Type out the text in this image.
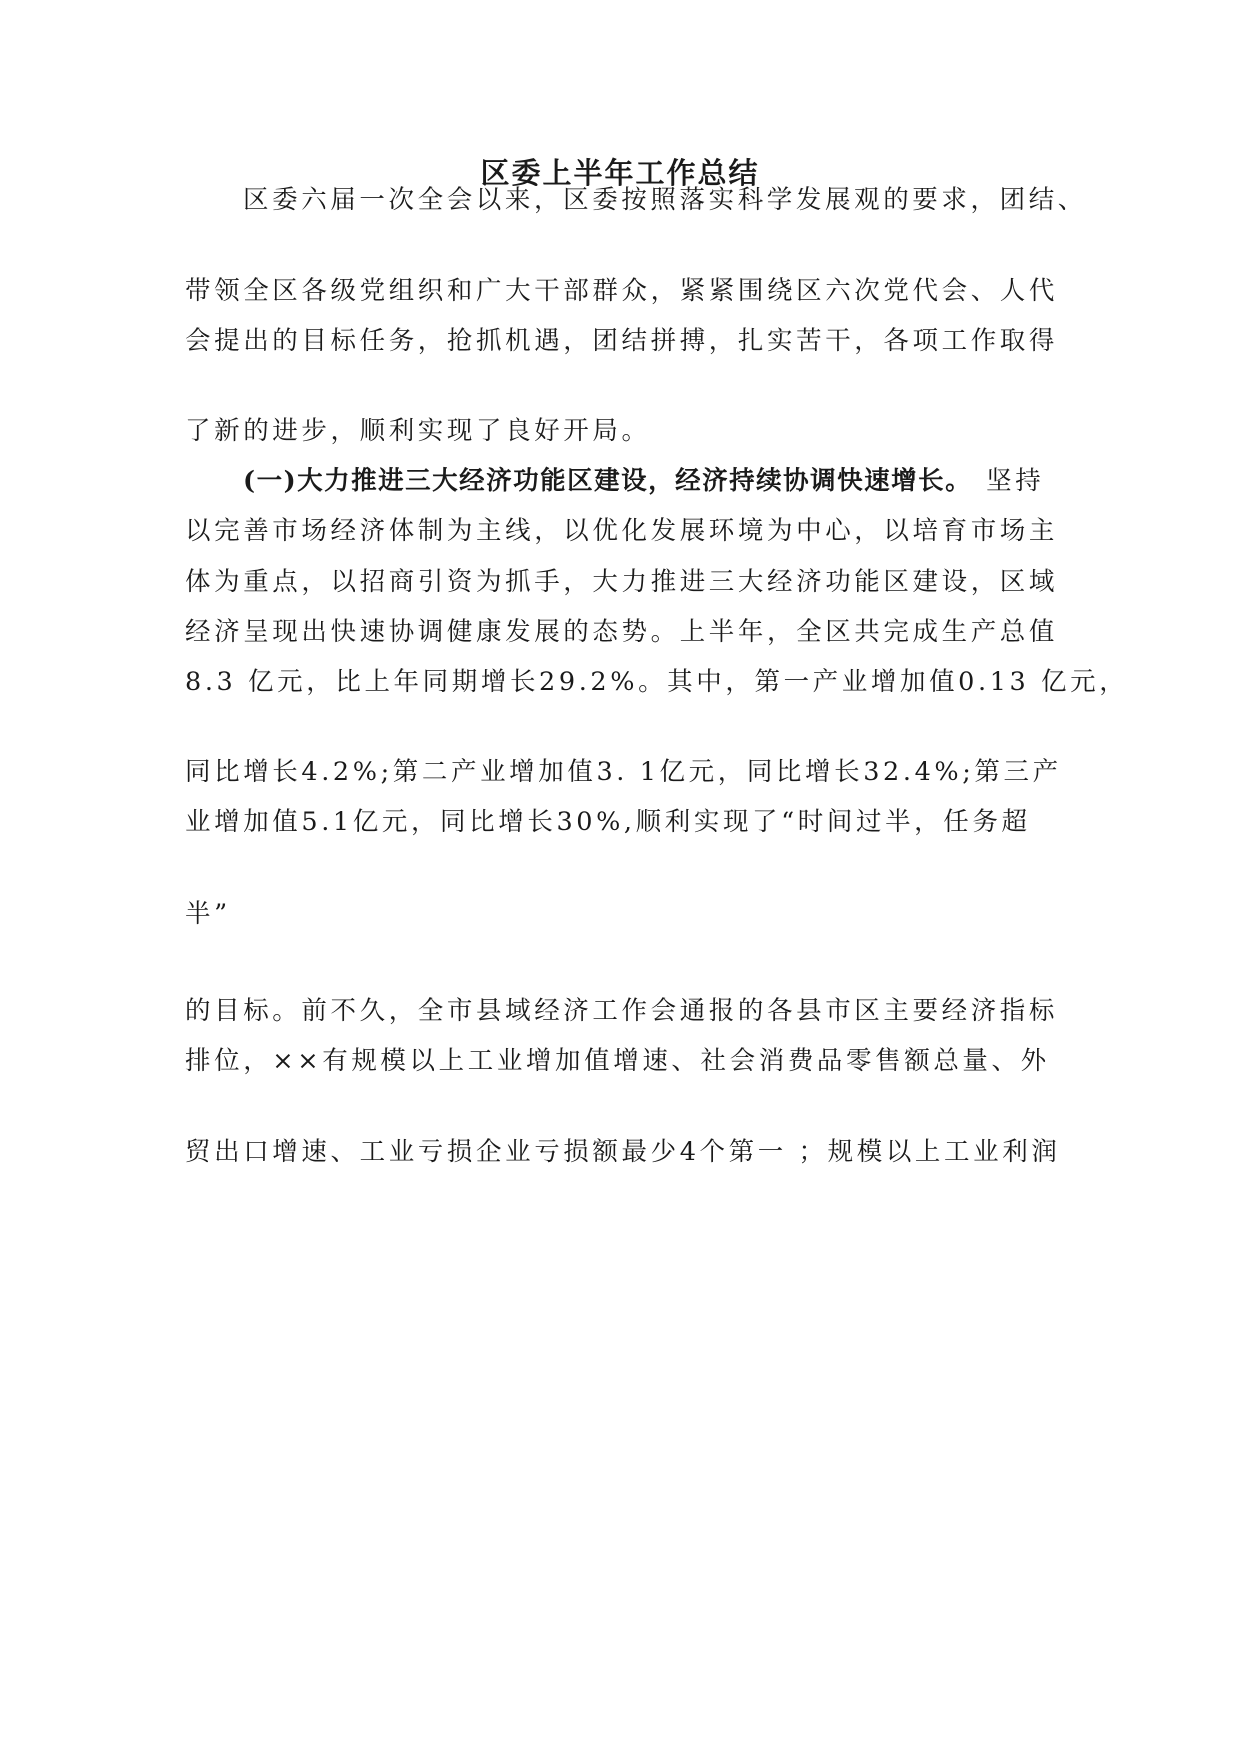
区委上半年工作总结
区委六届一次全会以来，区委按照落实科学发展观的要求，团结、
带领全区各级党组织和广大干部群众，紧紧围绕区六次党代会、人代
会提出的目标任务，抢抓机遇，团结拼搏，扎实苦干，各项工作取得
了新的进步，顺利实现了良好开局。
(一)大力推进三大经济功能区建设，经济持续协调快速增长。 坚持
以完善市场经济体制为主线，以优化发展环境为中心，以培育市场主
体为重点，以招商引资为抓手，大力推进三大经济功能区建设，区域
经济呈现出快速协调健康发展的态势。上半年，全区共完成生产总值
8.3 亿元，比上年同期增长29.2%。其中，第一产业增加值0.13 亿元，
同比增长4.2%;第二产业增加值3. 1亿元，同比增长32.4%;第三产
业增加值5.1亿元，同比增长30%,顺利实现了“时间过半，任务超
半”
的目标。前不久，全市县域经济工作会通报的各县市区主要经济指标
排位，××有规模以上工业增加值增速、社会消费品零售额总量、外
贸出口增速、工业亏损企业亏损额最少4个第一 ；规模以上工业利润
